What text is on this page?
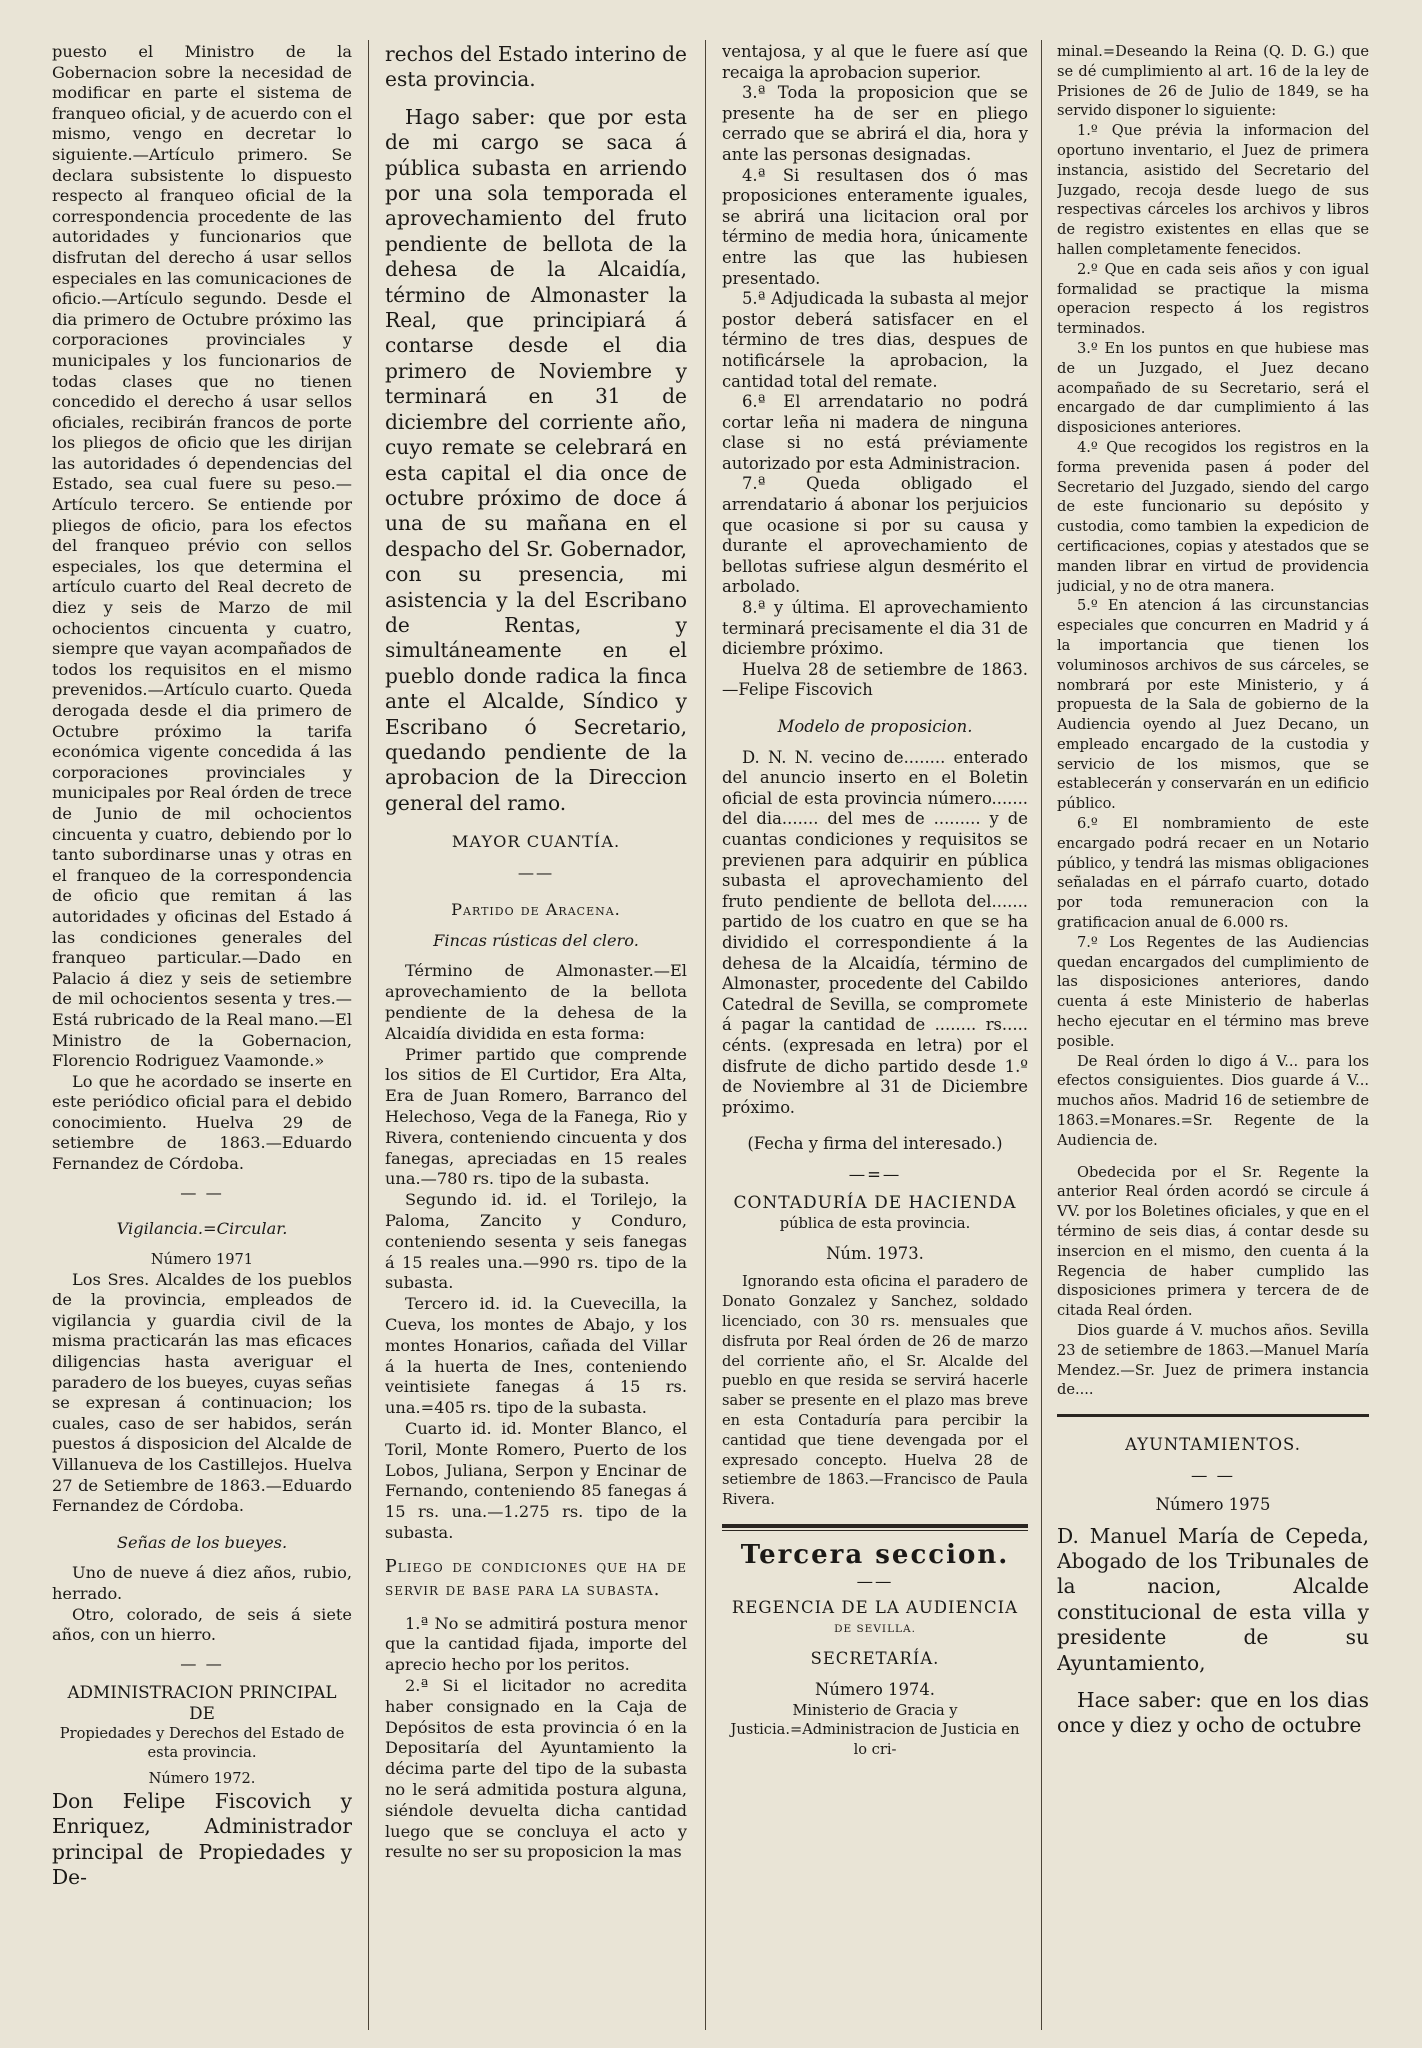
puesto el Ministro de la Gobernacion sobre la necesidad de modificar en parte el sistema de franqueo oficial, y de acuerdo con el mismo, vengo en decretar lo siguiente.—Artículo primero. Se declara subsistente lo dispuesto respecto al franqueo oficial de la correspondencia procedente de las autoridades y funcionarios que disfrutan del derecho á usar sellos especiales en las comunicaciones de oficio.—Artículo segundo. Desde el dia primero de Octubre próximo las corporaciones provinciales y municipales y los funcionarios de todas clases que no tienen concedido el derecho á usar sellos oficiales, recibirán francos de porte los pliegos de oficio que les dirijan las autoridades ó dependencias del Estado, sea cual fuere su peso.—Artículo tercero. Se entiende por pliegos de oficio, para los efectos del franqueo prévio con sellos especiales, los que determina el artículo cuarto del Real decreto de diez y seis de Marzo de mil ochocientos cincuenta y cuatro, siempre que vayan acompañados de todos los requisitos en el mismo prevenidos.—Artículo cuarto. Queda derogada desde el dia primero de Octubre próximo la tarifa económica vigente concedida á las corporaciones provinciales y municipales por Real órden de trece de Junio de mil ochocientos cincuenta y cuatro, debiendo por lo tanto subordinarse unas y otras en el franqueo de la correspondencia de oficio que remitan á las autoridades y oficinas del Estado á las condiciones generales del franqueo particular.—Dado en Palacio á diez y seis de setiembre de mil ochocientos sesenta y tres.—Está rubricado de la Real mano.—El Ministro de la Gobernacion, Florencio Rodriguez Vaamonde.»

Lo que he acordado se inserte en este periódico oficial para el debido conocimiento. Huelva 29 de setiembre de 1863.—Eduardo Fernandez de Córdoba.

— —
Vigilancia.=Circular.
Número 1971

Los Sres. Alcaldes de los pueblos de la provincia, empleados de vigilancia y guardia civil de la misma practicarán las mas eficaces diligencias hasta averiguar el paradero de los bueyes, cuyas señas se expresan á continuacion; los cuales, caso de ser habidos, serán puestos á disposicion del Alcalde de Villanueva de los Castillejos. Huelva 27 de Setiembre de 1863.—Eduardo Fernandez de Córdoba.

Señas de los bueyes.

Uno de nueve á diez años, rubio, herrado.

Otro, colorado, de seis á siete años, con un hierro.

— —
ADMINISTRACION PRINCIPAL DE
Propiedades y Derechos del Estado de esta provincia.
Número 1972.

Don Felipe Fiscovich y Enriquez, Administrador principal de Propiedades y De-

rechos del Estado interino de esta provincia.

Hago saber: que por esta de mi cargo se saca á pública subasta en arriendo por una sola temporada el aprovechamiento del fruto pendiente de bellota de la dehesa de la Alcaidía, término de Almonaster la Real, que principiará á contarse desde el dia primero de Noviembre y terminará en 31 de diciembre del corriente año, cuyo remate se celebrará en esta capital el dia once de octubre próximo de doce á una de su mañana en el despacho del Sr. Gobernador, con su presencia, mi asistencia y la del Escribano de Rentas, y simultáneamente en el pueblo donde radica la finca ante el Alcalde, Síndico y Escribano ó Secretario, quedando pendiente de la aprobacion de la Direccion general del ramo.

MAYOR CUANTÍA.
——
Partido de Aracena.
Fincas rústicas del clero.

Término de Almonaster.—El aprovechamiento de la bellota pendiente de la dehesa de la Alcaidía dividida en esta forma:

Primer partido que comprende los sitios de El Curtidor, Era Alta, Era de Juan Romero, Barranco del Helechoso, Vega de la Fanega, Rio y Rivera, conteniendo cincuenta y dos fanegas, apreciadas en 15 reales una.—780 rs. tipo de la subasta.

Segundo id. id. el Torilejo, la Paloma, Zancito y Conduro, conteniendo sesenta y seis fanegas á 15 reales una.—990 rs. tipo de la subasta.

Tercero id. id. la Cuevecilla, la Cueva, los montes de Abajo, y los montes Honarios, cañada del Villar á la huerta de Ines, conteniendo veintisiete fanegas á 15 rs. una.=405 rs. tipo de la subasta.

Cuarto id. id. Monter Blanco, el Toril, Monte Romero, Puerto de los Lobos, Juliana, Serpon y Encinar de Fernando, conteniendo 85 fanegas á 15 rs. una.—1.275 rs. tipo de la subasta.

Pliego de condiciones que ha de servir de base para la subasta.

1.ª No se admitirá postura menor que la cantidad fijada, importe del aprecio hecho por los peritos.

2.ª Si el licitador no acredita haber consignado en la Caja de Depósitos de esta provincia ó en la Depositaría del Ayuntamiento la décima parte del tipo de la subasta no le será admitida postura alguna, siéndole devuelta dicha cantidad luego que se concluya el acto y resulte no ser su proposicion la mas

ventajosa, y al que le fuere así que recaiga la aprobacion superior.

3.ª Toda la proposicion que se presente ha de ser en pliego cerrado que se abrirá el dia, hora y ante las personas designadas.

4.ª Si resultasen dos ó mas proposiciones enteramente iguales, se abrirá una licitacion oral por término de media hora, únicamente entre las que las hubiesen presentado.

5.ª Adjudicada la subasta al mejor postor deberá satisfacer en el término de tres dias, despues de notificársele la aprobacion, la cantidad total del remate.

6.ª El arrendatario no podrá cortar leña ni madera de ninguna clase si no está préviamente autorizado por esta Administracion.

7.ª Queda obligado el arrendatario á abonar los perjuicios que ocasione si por su causa y durante el aprovechamiento de bellotas sufriese algun desmérito el arbolado.

8.ª y última. El aprovechamiento terminará precisamente el dia 31 de diciembre próximo.

Huelva 28 de setiembre de 1863. —Felipe Fiscovich

Modelo de proposicion.

D. N. N. vecino de........ enterado del anuncio inserto en el Boletin oficial de esta provincia número....... del dia....... del mes de ......... y de cuantas condiciones y requisitos se previenen para adquirir en pública subasta el aprovechamiento del fruto pendiente de bellota del....... partido de los cuatro en que se ha dividido el correspondiente á la dehesa de la Alcaidía, término de Almonaster, procedente del Cabildo Catedral de Sevilla, se compromete á pagar la cantidad de ........ rs..... cénts. (expresada en letra) por el disfrute de dicho partido desde 1.º de Noviembre al 31 de Diciembre próximo.

(Fecha y firma del interesado.)
—=—
CONTADURÍA DE HACIENDA
pública de esta provincia.
Núm. 1973.

Ignorando esta oficina el paradero de Donato Gonzalez y Sanchez, soldado licenciado, con 30 rs. mensuales que disfruta por Real órden de 26 de marzo del corriente año, el Sr. Alcalde del pueblo en que resida se servirá hacerle saber se presente en el plazo mas breve en esta Contaduría para percibir la cantidad que tiene devengada por el expresado concepto. Huelva 28 de setiembre de 1863.—Francisco de Paula Rivera.

Tercera seccion.
——
REGENCIA DE LA AUDIENCIA
DE SEVILLA.
SECRETARÍA.
Número 1974.

Ministerio de Gracia y Justicia.=Administracion de Justicia en lo cri-

minal.=Deseando la Reina (Q. D. G.) que se dé cumplimiento al art. 16 de la ley de Prisiones de 26 de Julio de 1849, se ha servido disponer lo siguiente:

1.º Que prévia la informacion del oportuno inventario, el Juez de primera instancia, asistido del Secretario del Juzgado, recoja desde luego de sus respectivas cárceles los archivos y libros de registro existentes en ellas que se hallen completamente fenecidos.

2.º Que en cada seis años y con igual formalidad se practique la misma operacion respecto á los registros terminados.

3.º En los puntos en que hubiese mas de un Juzgado, el Juez decano acompañado de su Secretario, será el encargado de dar cumplimiento á las disposiciones anteriores.

4.º Que recogidos los registros en la forma prevenida pasen á poder del Secretario del Juzgado, siendo del cargo de este funcionario su depósito y custodia, como tambien la expedicion de certificaciones, copias y atestados que se manden librar en virtud de providencia judicial, y no de otra manera.

5.º En atencion á las circunstancias especiales que concurren en Madrid y á la importancia que tienen los voluminosos archivos de sus cárceles, se nombrará por este Ministerio, y á propuesta de la Sala de gobierno de la Audiencia oyendo al Juez Decano, un empleado encargado de la custodia y servicio de los mismos, que se establecerán y conservarán en un edificio público.

6.º El nombramiento de este encargado podrá recaer en un Notario público, y tendrá las mismas obligaciones señaladas en el párrafo cuarto, dotado por toda remuneracion con la gratificacion anual de 6.000 rs.

7.º Los Regentes de las Audiencias quedan encargados del cumplimiento de las disposiciones anteriores, dando cuenta á este Ministerio de haberlas hecho ejecutar en el término mas breve posible.

De Real órden lo digo á V... para los efectos consiguientes. Dios guarde á V... muchos años. Madrid 16 de setiembre de 1863.=Monares.=Sr. Regente de la Audiencia de.

Obedecida por el Sr. Regente la anterior Real órden acordó se circule á VV. por los Boletines oficiales, y que en el término de seis dias, á contar desde su insercion en el mismo, den cuenta á la Regencia de haber cumplido las disposiciones primera y tercera de de citada Real órden.

Dios guarde á V. muchos años. Sevilla 23 de setiembre de 1863.—Manuel María Mendez.—Sr. Juez de primera instancia de....

AYUNTAMIENTOS.
— —
Número 1975

D. Manuel María de Cepeda, Abogado de los Tribunales de la nacion, Alcalde constitucional de esta villa y presidente de su Ayuntamiento,

Hace saber: que en los dias once y diez y ocho de octubre
